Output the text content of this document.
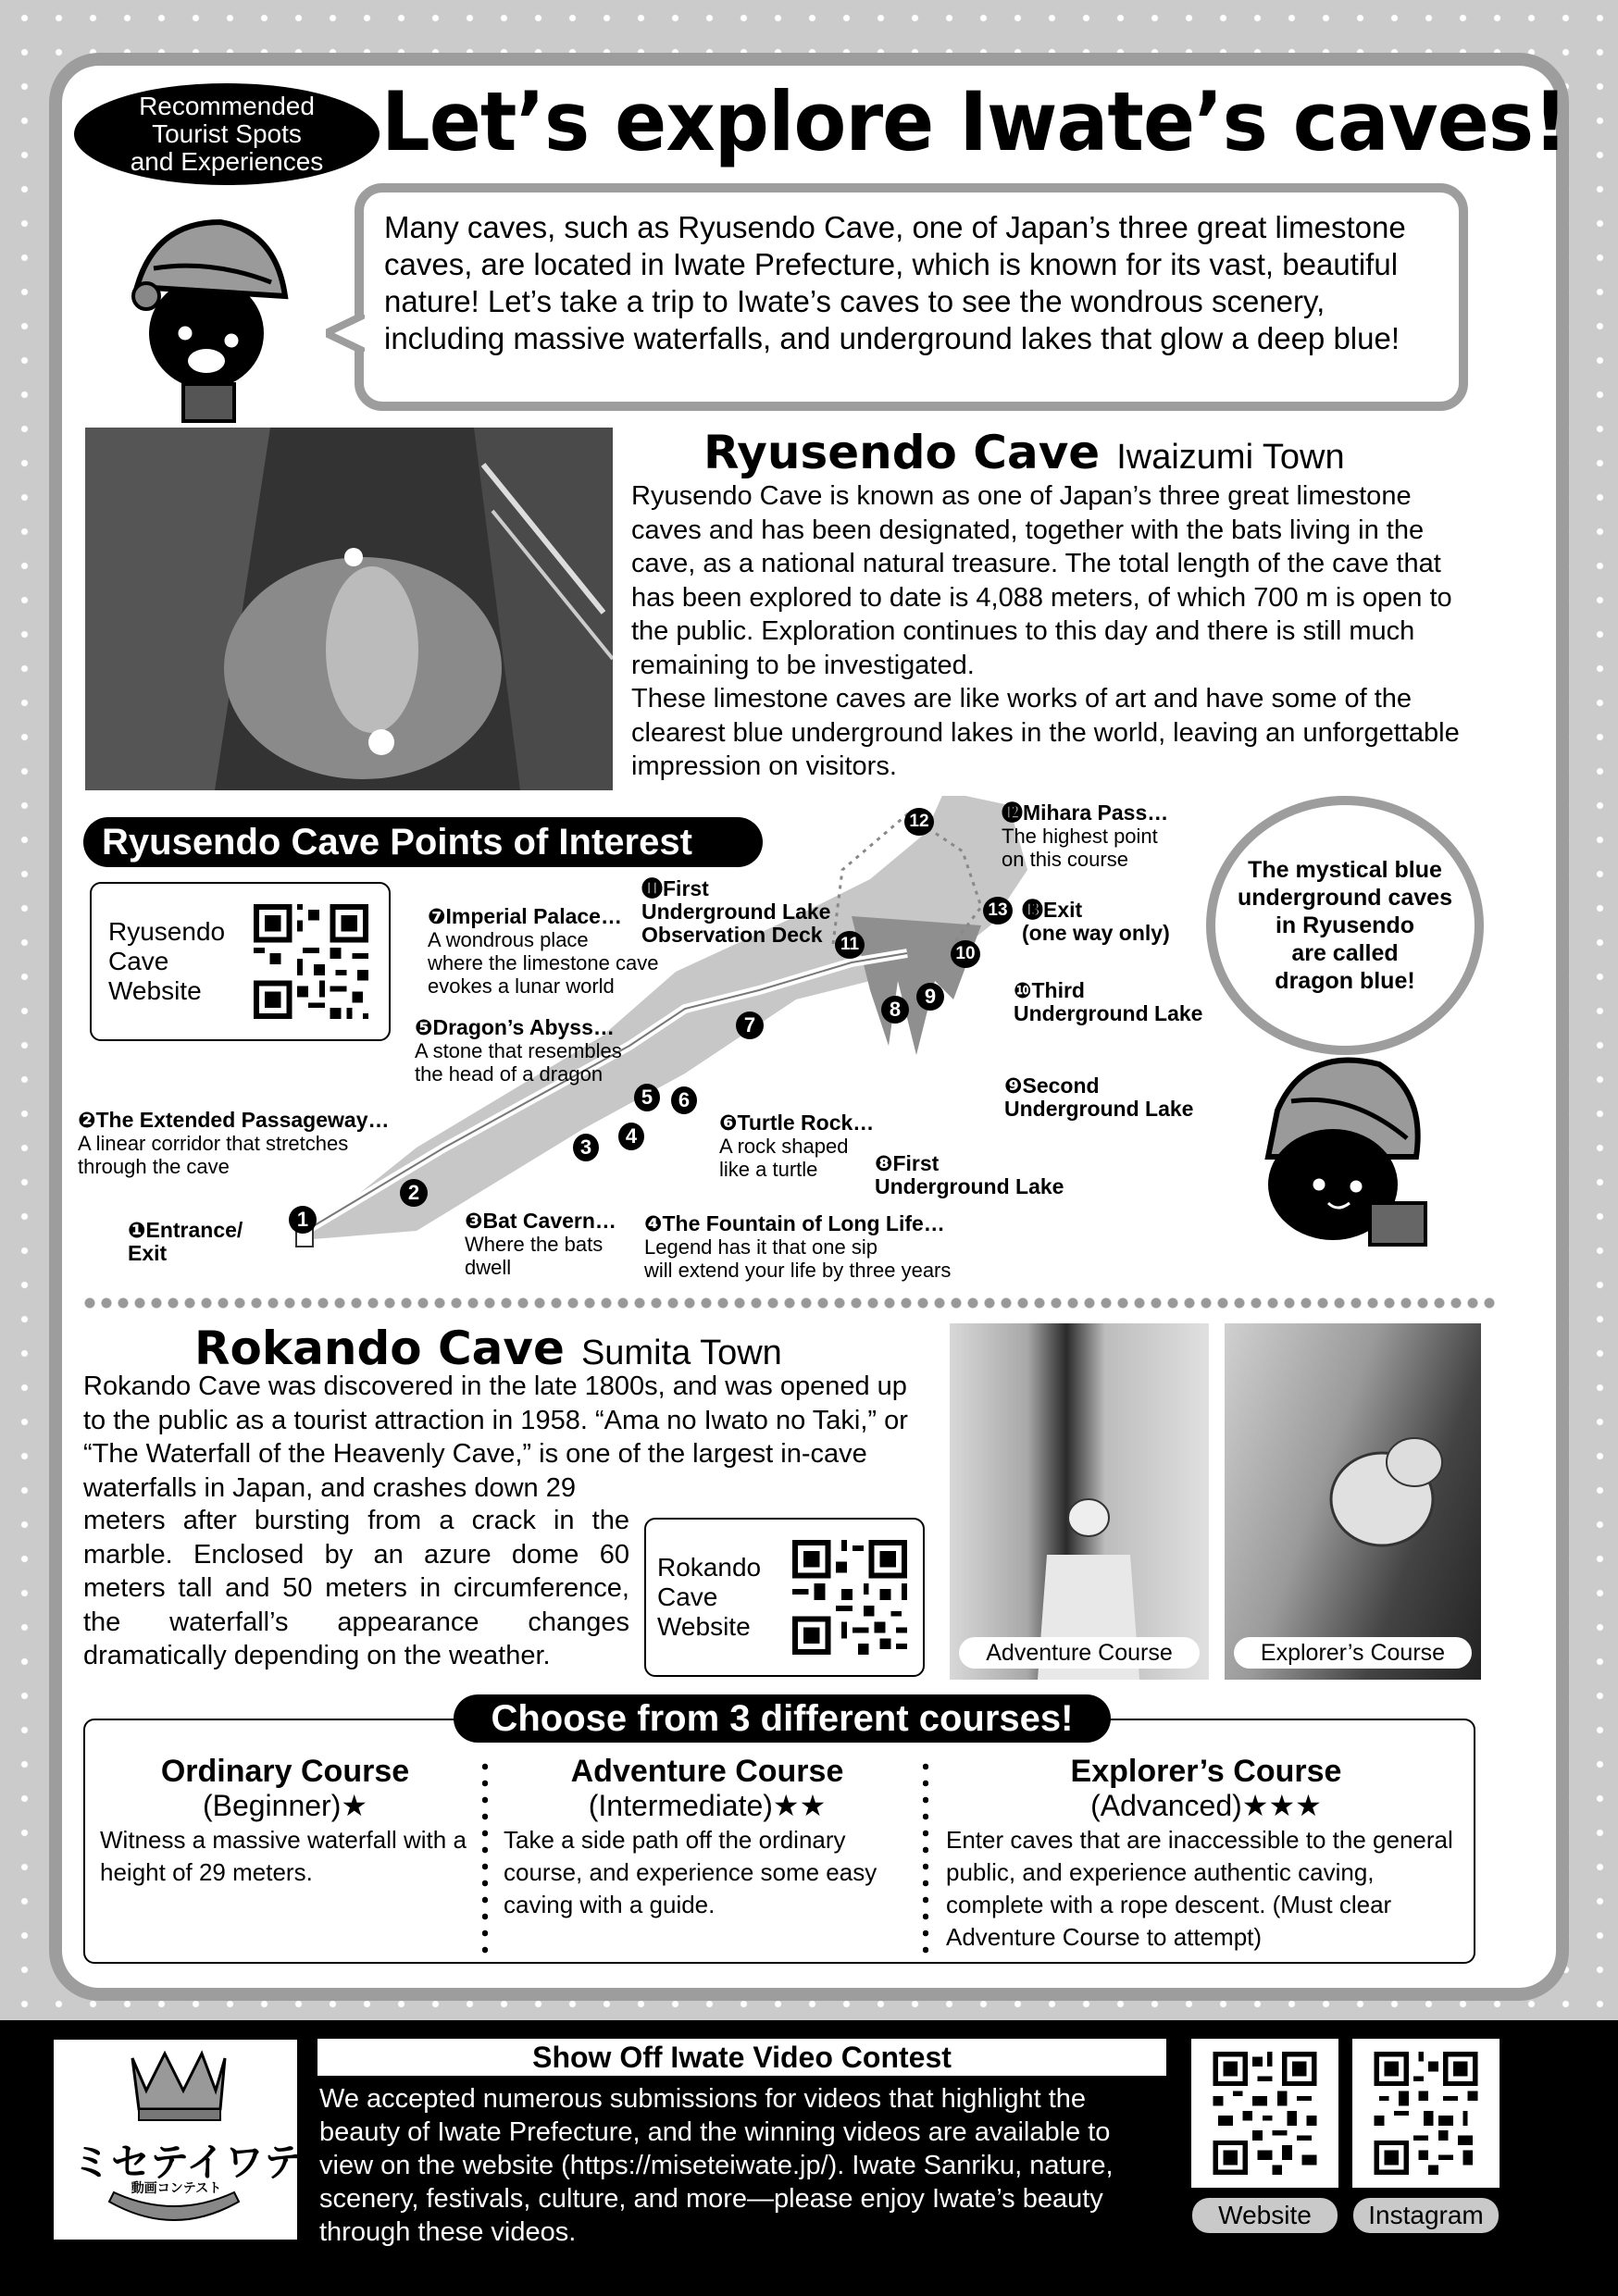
Recommended
Tourist Spots
and Experiences Let’s explore Iwate’s caves!

Many caves, such as Ryusendo Cave, one of Japan’s three great limestone caves, are located in Iwate Prefecture, which is known for its vast, beautiful nature! Let’s take a trip to Iwate’s caves to see the wondrous scenery, including massive waterfalls, and underground lakes that glow a deep blue!

Ryusendo Cave Iwaizumi Town

Ryusendo Cave is known as one of Japan’s three great limestone caves and has been designated, together with the bats living in the cave, as a national natural treasure. The total length of the cave that has been explored to date is 4,088 meters, of which 700 m is open to the public. Exploration continues to this day and there is still much remaining to be investigated.

These limestone caves are like works of art and have some of the clearest blue underground lakes in the world, leaving an unforgettable impression on visitors.

Ryusendo Cave Points of Interest
Ryusendo
Cave
Website
1
2
3	4
5	6
7
8
9
10
11
12
13
❶Entrance/
Exit
❷The Extended Passageway…
A linear corridor that stretches
through the cave
❸Bat Cavern…
Where the bats
dwell
❹The Fountain of Long Life…
Legend has it that one sip
will extend your life by three years
❺Dragon’s Abyss…
A stone that resembles
the head of a dragon
❻Turtle Rock…
A rock shaped
like a turtle
❼Imperial Palace…
A wondrous place
where the limestone cave
evokes a lunar world
❽First
Underground Lake
❾Second
Underground Lake
❿Third
Underground Lake
⓫First
Underground Lake
Observation Deck
⓬Mihara Pass…
The highest point
on this course
⓭Exit
(one way only)
The mystical blue
underground caves
in Ryusendo
are called
dragon blue!
Rokando Cave Sumita Town

Rokando Cave was discovered in the late 1800s, and was opened up to the public as a tourist attraction in 1958. “Ama no Iwato no Taki,” or “The Waterfall of the Heavenly Cave,” is one of the largest in-cave waterfalls in Japan, and crashes down 29

meters after bursting from a crack in the marble. Enclosed by an azure dome 60 meters tall and 50 meters in circumference, the waterfall’s appearance changes dramatically depending on the weather.

Rokando
Cave
Website
Adventure Course	Explorer’s Course
Choose from 3 different courses!
Ordinary Course
(Beginner)★
Witness a massive waterfall with a height of 29 meters.
Adventure Course
(Intermediate)★★
Take a side path off the ordinary course, and experience some easy caving with a guide.
Explorer’s Course
(Advanced)★★★
Enter caves that are inaccessible to the general public, and experience authentic caving, complete with a rope descent. (Must clear Adventure Course to attempt)
ミセテイワテ
動画コンテスト
Show Off Iwate Video Contest

We accepted numerous submissions for videos that highlight the beauty of Iwate Prefecture, and the winning videos are available to view on the website (https://miseteiwate.jp/). Iwate Sanriku, nature, scenery, festivals, culture, and more—please enjoy Iwate’s beauty through these videos.

Website	Instagram
